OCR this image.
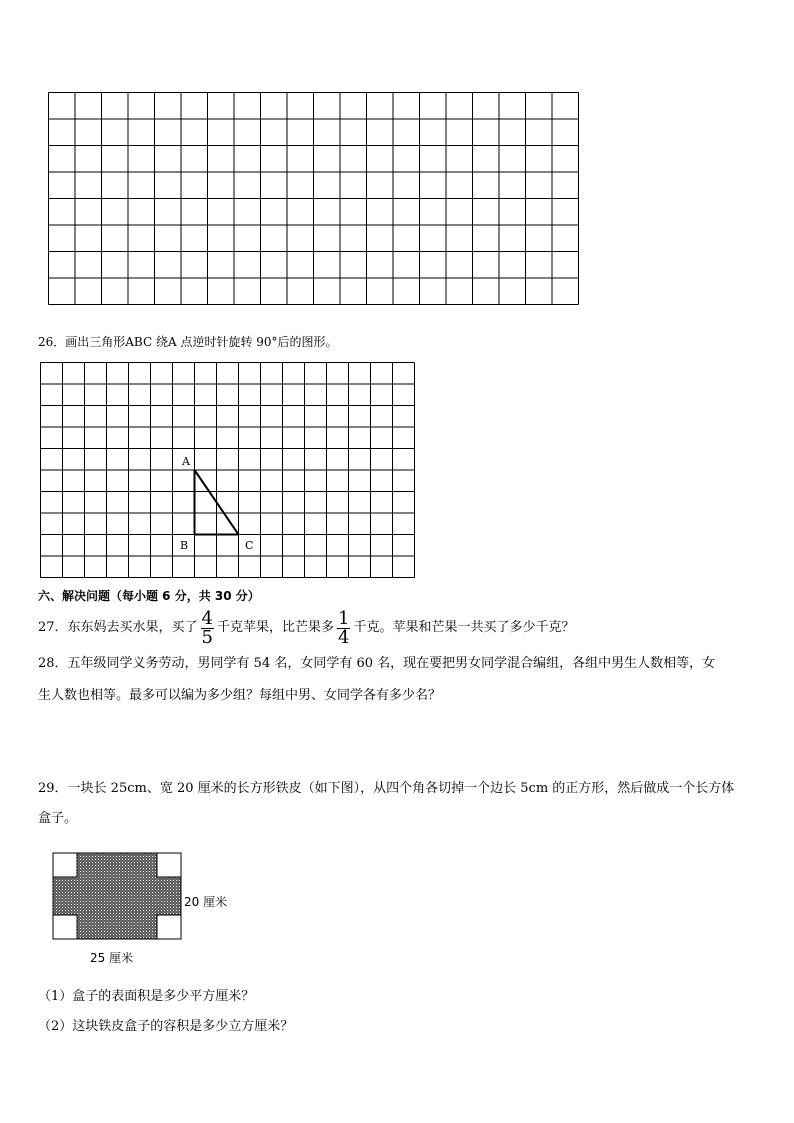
26．画出三角形ABC 绕A 点逆时针旋转 90°后的图形。
A
B	C
六、解决问题（每小题 6 分，共 30 分）
27．东东妈去买水果，买了 $\frac{4}{5}$ 千克苹果，比芒果多 $\frac{1}{4}$ 千克。苹果和芒果一共买了多少千克？
28．五年级同学义务劳动，男同学有 54 名，女同学有 60 名，现在要把男女同学混合编组，各组中男生人数相等，女
生人数也相等。最多可以编为多少组？每组中男、女同学各有多少名？
29．一块长 25cm、宽 20 厘米的长方形铁皮（如下图），从四个角各切掉一个边长 5cm 的正方形，然后做成一个长方体
盒子。
20 厘米
25 厘米
（1）盒子的表面积是多少平方厘米？
（2）这块铁皮盒子的容积是多少立方厘米？
